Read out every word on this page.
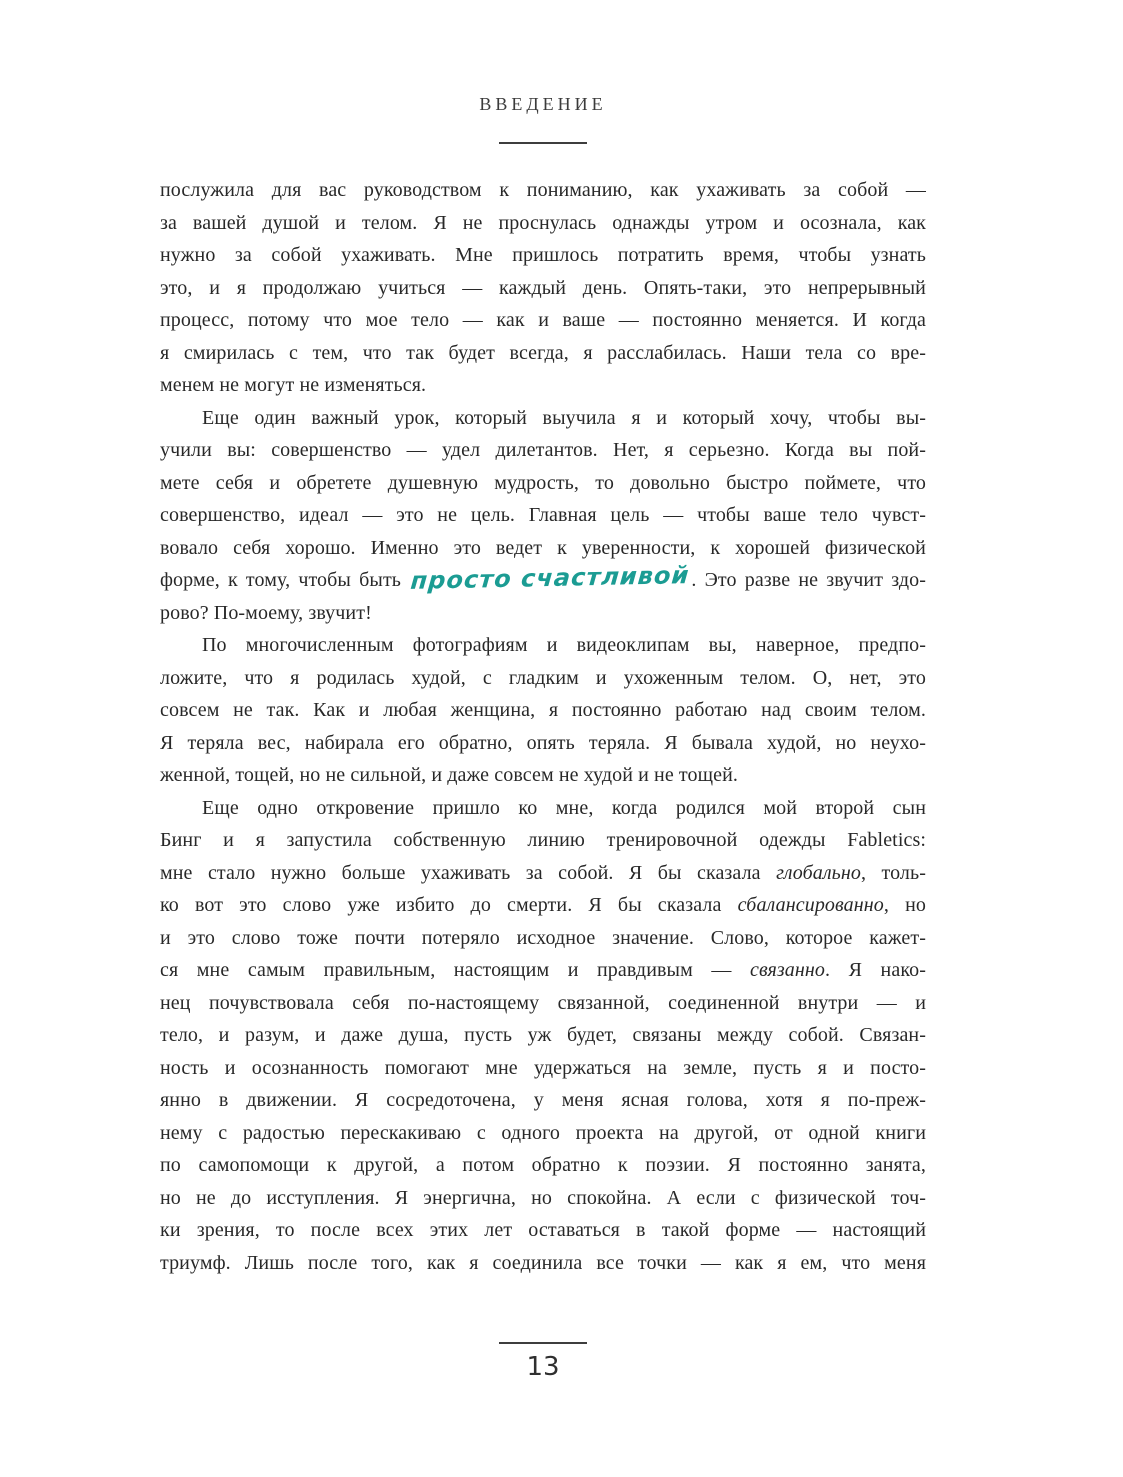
ВВЕДЕНИЕ
послужила для вас руководством к пониманию, как ухаживать за собой —
за вашей душой и телом. Я не проснулась однажды утром и осознала, как
нужно за собой ухаживать. Мне пришлось потратить время, чтобы узнать
это, и я продолжаю учиться — каждый день. Опять-таки, это непрерывный
процесс, потому что мое тело — как и ваше — постоянно меняется. И когда
я смирилась с тем, что так будет всегда, я расслабилась. Наши тела со вре-
менем не могут не изменяться.
Еще один важный урок, который выучила я и который хочу, чтобы вы-
учили вы: совершенство — удел дилетантов. Нет, я серьезно. Когда вы пой-
мете себя и обретете душевную мудрость, то довольно быстро поймете, что
совершенство, идеал — это не цель. Главная цель — чтобы ваше тело чувст-
вовало себя хорошо. Именно это ведет к уверенности, к хорошей физической
форме, к тому, чтобы быть просто счастливой. Это разве не звучит здо-
рово? По-моему, звучит!
По многочисленным фотографиям и видеоклипам вы, наверное, предпо-
ложите, что я родилась худой, с гладким и ухоженным телом. О, нет, это
совсем не так. Как и любая женщина, я постоянно работаю над своим телом.
Я теряла вес, набирала его обратно, опять теряла. Я бывала худой, но неухо-
женной, тощей, но не сильной, и даже совсем не худой и не тощей.
Еще одно откровение пришло ко мне, когда родился мой второй сын
Бинг и я запустила собственную линию тренировочной одежды Fabletics:
мне стало нужно больше ухаживать за собой. Я бы сказала глобально, толь-
ко вот это слово уже избито до смерти. Я бы сказала сбалансированно, но
и это слово тоже почти потеряло исходное значение. Слово, которое кажет-
ся мне самым правильным, настоящим и правдивым — связанно. Я нако-
нец почувствовала себя по-настоящему связанной, соединенной внутри — и
тело, и разум, и даже душа, пусть уж будет, связаны между собой. Связан-
ность и осознанность помогают мне удержаться на земле, пусть я и посто-
янно в движении. Я сосредоточена, у меня ясная голова, хотя я по-преж-
нему с радостью перескакиваю с одного проекта на другой, от одной книги
по самопомощи к другой, а потом обратно к поэзии. Я постоянно занята,
но не до исступления. Я энергична, но спокойна. А если с физической точ-
ки зрения, то после всех этих лет оставаться в такой форме — настоящий
триумф. Лишь после того, как я соединила все точки — как я ем, что меня
13
